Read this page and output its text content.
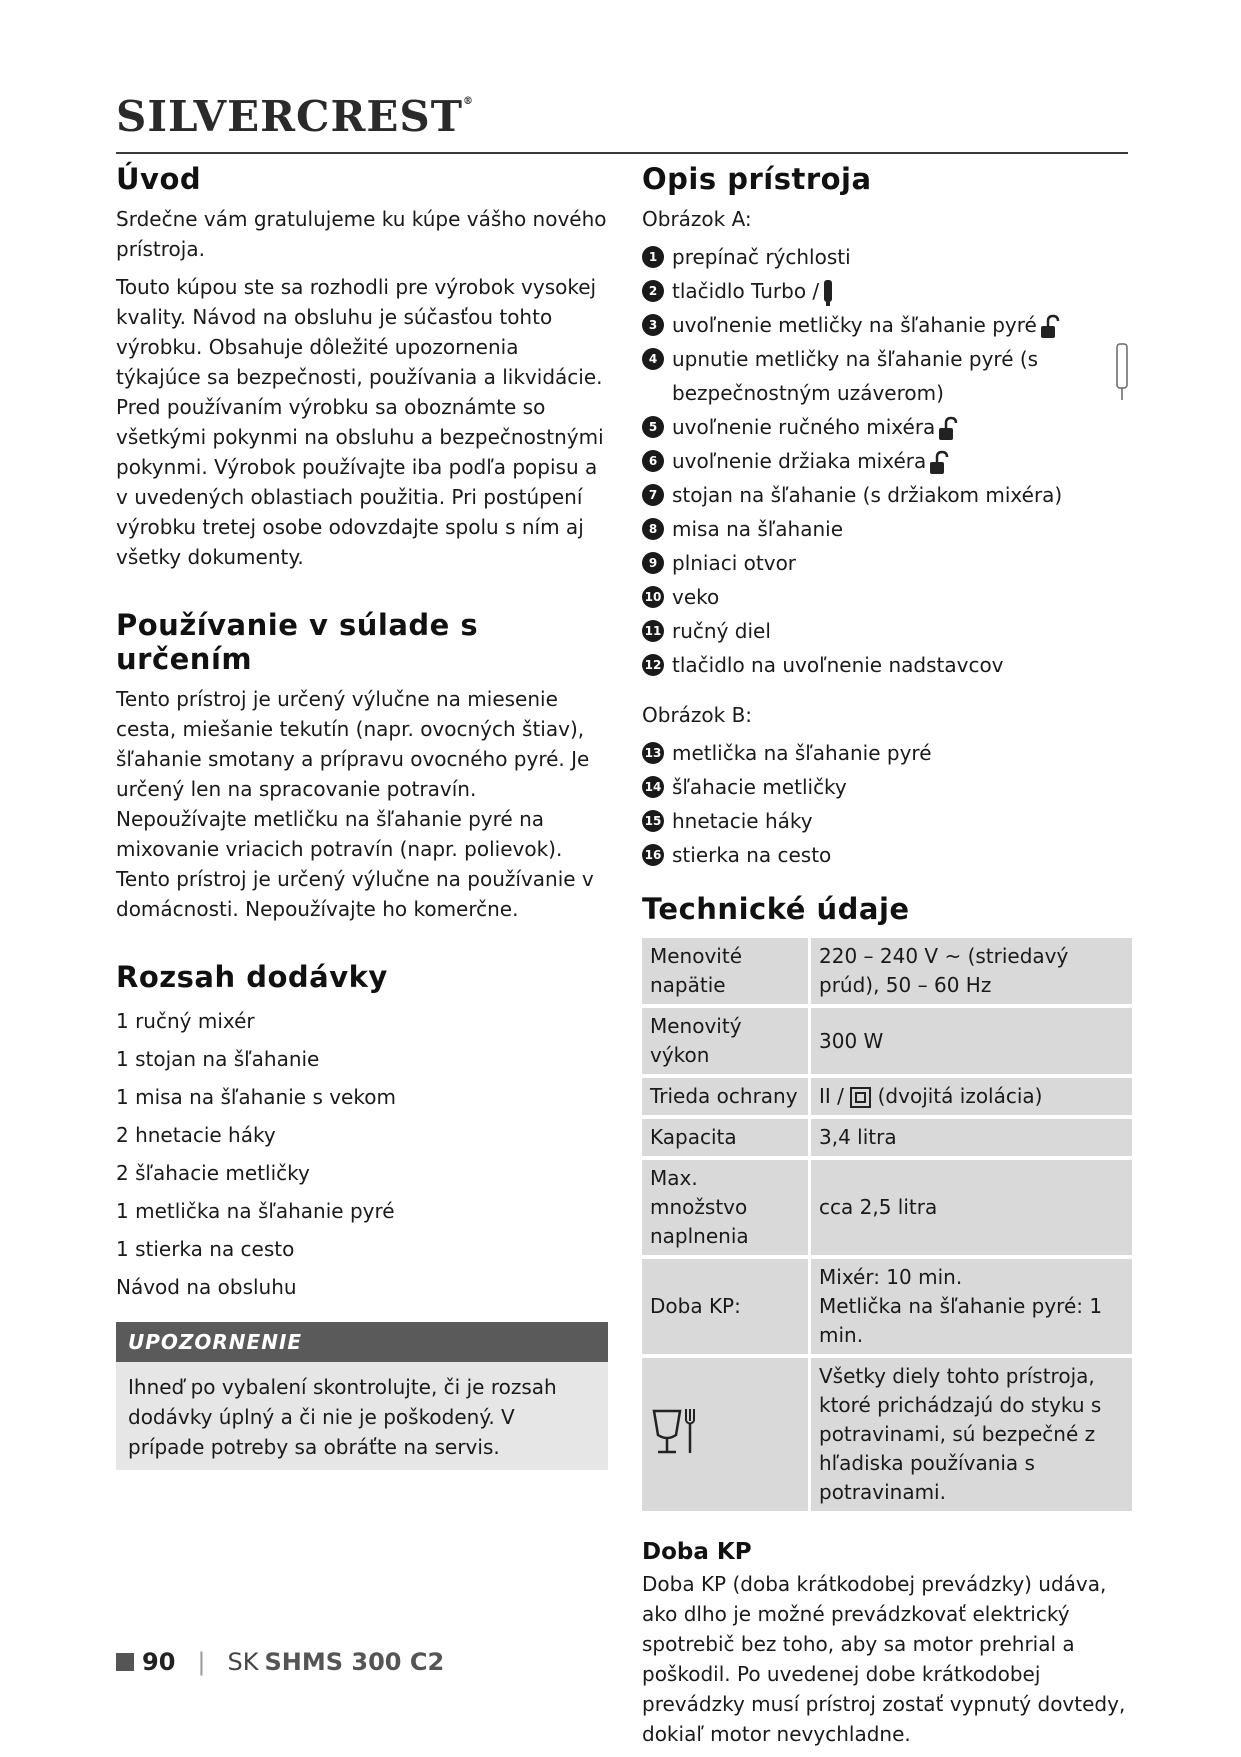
SILVERCREST®
Úvod

Srdečne vám gratulujeme ku kúpe vášho nového prístroja.

Touto kúpou ste sa rozhodli pre výrobok vysokej kvality. Návod na obsluhu je súčasťou tohto výrobku. Obsahuje dôležité upozornenia týkajúce sa bezpečnosti, používania a likvidácie. Pred používaním výrobku sa oboznámte so všetkými pokynmi na obsluhu a bezpečnostnými pokynmi. Výrobok používajte iba podľa popisu a v uvedených oblastiach použitia. Pri postúpení výrobku tretej osobe odovzdajte spolu s ním aj všetky dokumenty.

Používanie v súlade s určením

Tento prístroj je určený výlučne na miesenie cesta, miešanie tekutín (napr. ovocných štiav), šľahanie smotany a prípravu ovocného pyré. Je určený len na spracovanie potravín. Nepoužívajte metličku na šľahanie pyré na mixovanie vriacich potravín (napr. polievok). Tento prístroj je určený výlučne na používanie v domácnosti. Nepoužívajte ho komerčne.

Rozsah dodávky
1 ručný mixér
1 stojan na šľahanie
1 misa na šľahanie s vekom
2 hnetacie háky
2 šľahacie metličky
1 metlička na šľahanie pyré
1 stierka na cesto
Návod na obsluhu
UPOZORNENIE
Ihneď po vybalení skontrolujte, či je rozsah dodávky úplný a či nie je poškodený. V prípade potreby sa obráťte na servis.
Opis prístroja
Obrázok A:
1 prepínač rýchlosti
2 tlačidlo Turbo /
3 uvoľnenie metličky na šľahanie pyré
4 upnutie metličky na šľahanie pyré (s bezpečnostným uzáverom)
5 uvoľnenie ručného mixéra
6 uvoľnenie držiaka mixéra
7 stojan na šľahanie (s držiakom mixéra)
8 misa na šľahanie
9 plniaci otvor
10 veko
11 ručný diel
12 tlačidlo na uvoľnenie nadstavcov
Obrázok B:
13 metlička na šľahanie pyré
14 šľahacie metličky
15 hnetacie háky
16 stierka na cesto
Technické údaje
Menovité napätie	220 – 240 V ~ (striedavý prúd), 50 – 60 Hz
Menovitý výkon	300 W
Trieda ochrany	II / (dvojitá izolácia)
Kapacita	3,4 litra
Max. množstvo naplnenia	cca 2,5 litra
Doba KP:	Mixér: 10 min.
Metlička na šľahanie pyré: 1 min.

	Všetky diely tohto prístroja, ktoré prichádzajú do styku s potravinami, sú bezpečné z hľadiska používania s potravinami.
Doba KP

Doba KP (doba krátkodobej prevádzky) udáva, ako dlho je možné prevádzkovať elektrický spotrebič bez toho, aby sa motor prehrial a poškodil. Po uvedenej dobe krátkodobej prevádzky musí prístroj zostať vypnutý dovtedy, dokiaľ motor nevychladne.

90 | SK SHMS 300 C2
